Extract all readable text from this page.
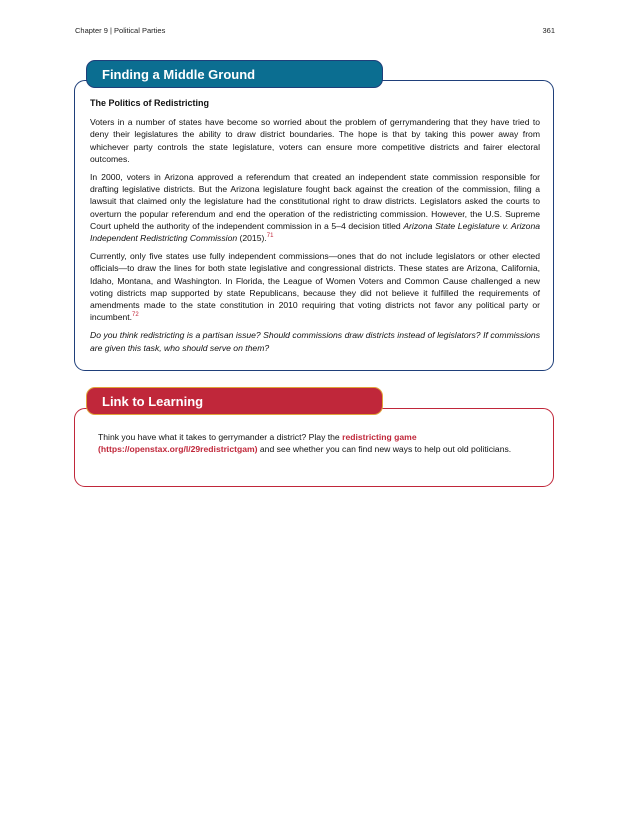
Chapter 9 | Political Parties	361
Finding a Middle Ground
The Politics of Redistricting

Voters in a number of states have become so worried about the problem of gerrymandering that they have tried to deny their legislatures the ability to draw district boundaries. The hope is that by taking this power away from whichever party controls the state legislature, voters can ensure more competitive districts and fairer electoral outcomes.

In 2000, voters in Arizona approved a referendum that created an independent state commission responsible for drafting legislative districts. But the Arizona legislature fought back against the creation of the commission, filing a lawsuit that claimed only the legislature had the constitutional right to draw districts. Legislators asked the courts to overturn the popular referendum and end the operation of the redistricting commission. However, the U.S. Supreme Court upheld the authority of the independent commission in a 5–4 decision titled Arizona State Legislature v. Arizona Independent Redistricting Commission (2015).$^{71}$

Currently, only five states use fully independent commissions—ones that do not include legislators or other elected officials—to draw the lines for both state legislative and congressional districts. These states are Arizona, California, Idaho, Montana, and Washington. In Florida, the League of Women Voters and Common Cause challenged a new voting districts map supported by state Republicans, because they did not believe it fulfilled the requirements of amendments made to the state constitution in 2010 requiring that voting districts not favor any political party or incumbent.$^{72}$

Do you think redistricting is a partisan issue? Should commissions draw districts instead of legislators? If commissions are given this task, who should serve on them?

Link to Learning

Think you have what it takes to gerrymander a district? Play the redistricting game (https://openstax.org/l/29redistrictgam) and see whether you can find new ways to help out old politicians.
